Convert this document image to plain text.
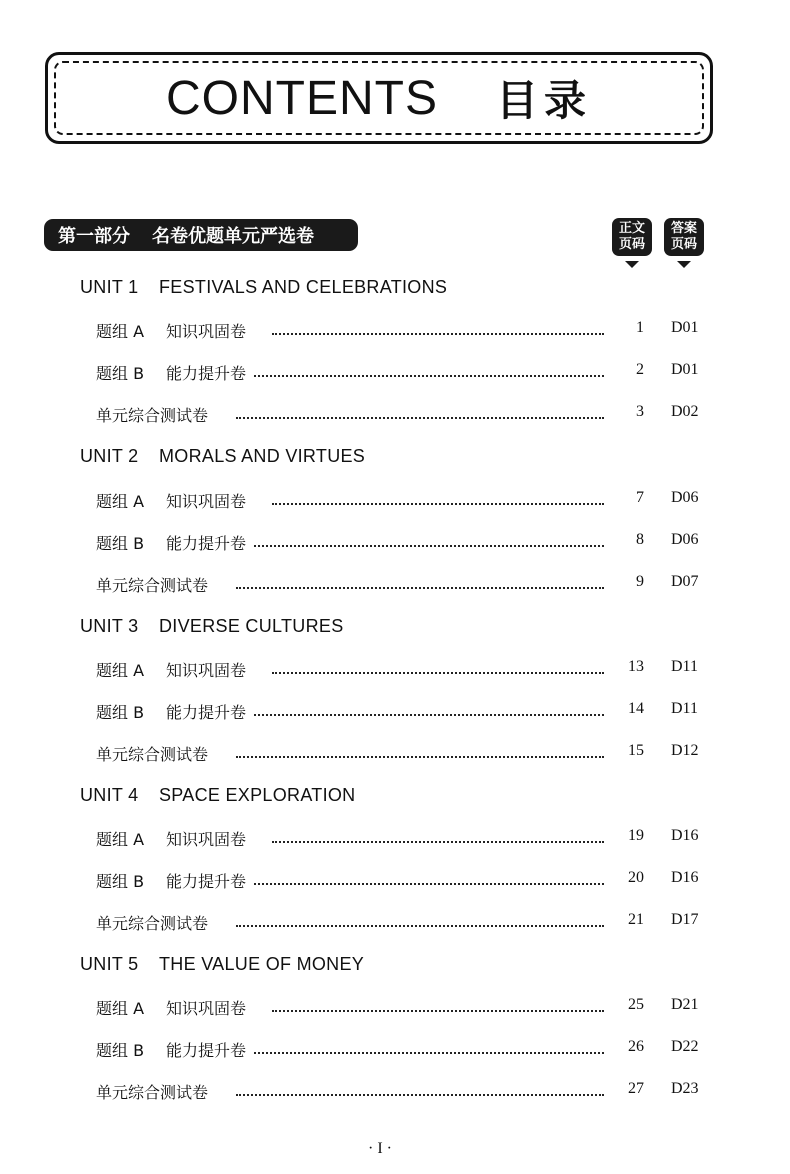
CONTENTS 目录
第一部分 名卷优题单元严选卷	正文
页码
答案
页码
UNIT 1 FESTIVALS AND CELEBRATIONS
题组 A 知识巩固卷	1 D01
题组 B 能力提升卷	2 D01
单元综合测试卷	3 D02
UNIT 2 MORALS AND VIRTUES
题组 A 知识巩固卷	7 D06
题组 B 能力提升卷	8 D06
单元综合测试卷	9 D07
UNIT 3 DIVERSE CULTURES
题组 A 知识巩固卷	13 D11
题组 B 能力提升卷	14 D11
单元综合测试卷	15 D12
UNIT 4 SPACE EXPLORATION
题组 A 知识巩固卷	19 D16
题组 B 能力提升卷	20 D16
单元综合测试卷	21 D17
UNIT 5 THE VALUE OF MONEY
题组 A 知识巩固卷	25 D21
题组 B 能力提升卷	26 D22
单元综合测试卷	27 D23
· I ·
